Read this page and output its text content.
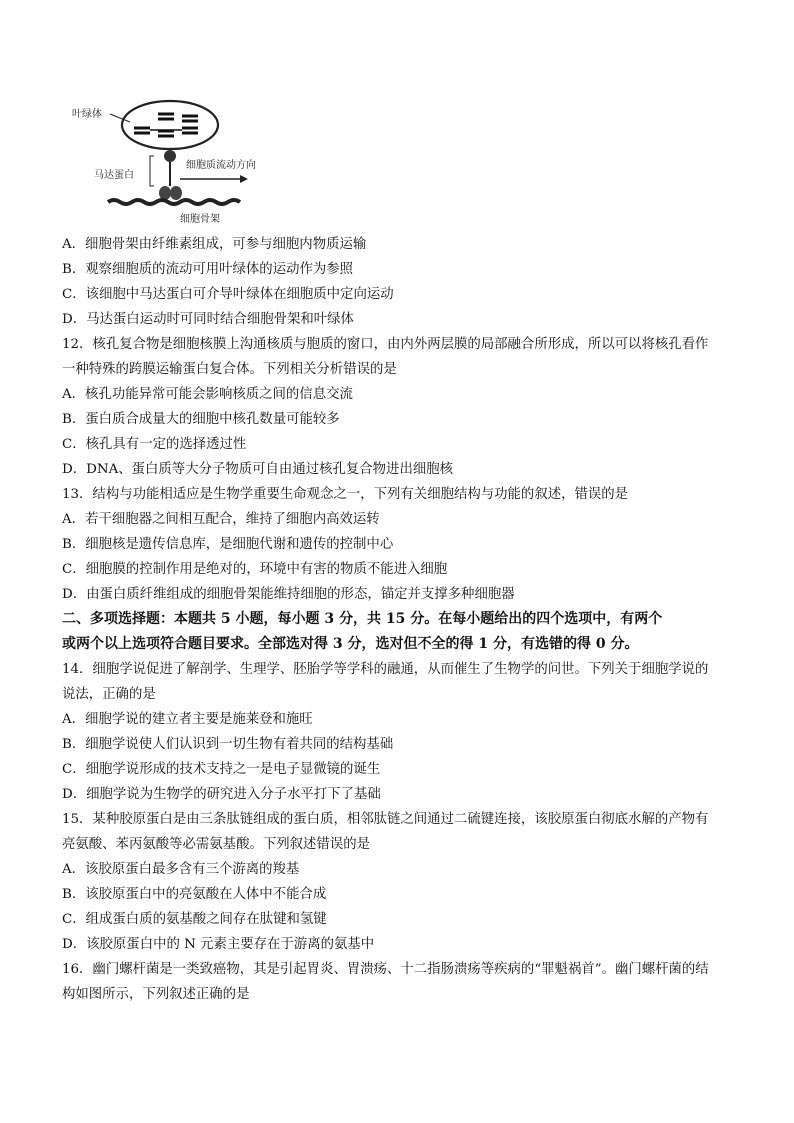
叶绿体
马达蛋白
细胞质流动方向
细胞骨架
A．细胞骨架由纤维素组成，可参与细胞内物质运输
B．观察细胞质的流动可用叶绿体的运动作为参照
C．该细胞中马达蛋白可介导叶绿体在细胞质中定向运动
D．马达蛋白运动时可同时结合细胞骨架和叶绿体
12．核孔复合物是细胞核膜上沟通核质与胞质的窗口，由内外两层膜的局部融合所形成，所以可以将核孔看作
一种特殊的跨膜运输蛋白复合体。下列相关分析错误的是
A．核孔功能异常可能会影响核质之间的信息交流
B．蛋白质合成量大的细胞中核孔数量可能较多
C．核孔具有一定的选择透过性
D．DNA、蛋白质等大分子物质可自由通过核孔复合物进出细胞核
13．结构与功能相适应是生物学重要生命观念之一，下列有关细胞结构与功能的叙述，错误的是
A．若干细胞器之间相互配合，维持了细胞内高效运转
B．细胞核是遗传信息库，是细胞代谢和遗传的控制中心
C．细胞膜的控制作用是绝对的，环境中有害的物质不能进入细胞
D．由蛋白质纤维组成的细胞骨架能维持细胞的形态，锚定并支撑多种细胞器
二、多项选择题：本题共 5 小题，每小题 3 分，共 15 分。在每小题给出的四个选项中，有两个
或两个以上选项符合题目要求。全部选对得 3 分，选对但不全的得 1 分，有选错的得 0 分。
14．细胞学说促进了解剖学、生理学、胚胎学等学科的融通，从而催生了生物学的问世。下列关于细胞学说的
说法，正确的是
A．细胞学说的建立者主要是施莱登和施旺
B．细胞学说使人们认识到一切生物有着共同的结构基础
C．细胞学说形成的技术支持之一是电子显微镜的诞生
D．细胞学说为生物学的研究进入分子水平打下了基础
15．某种胶原蛋白是由三条肽链组成的蛋白质，相邻肽链之间通过二硫键连接，该胶原蛋白彻底水解的产物有
亮氨酸、苯丙氨酸等必需氨基酸。下列叙述错误的是
A．该胶原蛋白最多含有三个游离的羧基
B．该胶原蛋白中的亮氨酸在人体中不能合成
C．组成蛋白质的氨基酸之间存在肽键和氢键
D．该胶原蛋白中的 N 元素主要存在于游离的氨基中
16．幽门螺杆菌是一类致癌物，其是引起胃炎、胃溃疡、十二指肠溃疡等疾病的“罪魁祸首”。幽门螺杆菌的结
构如图所示，下列叙述正确的是
